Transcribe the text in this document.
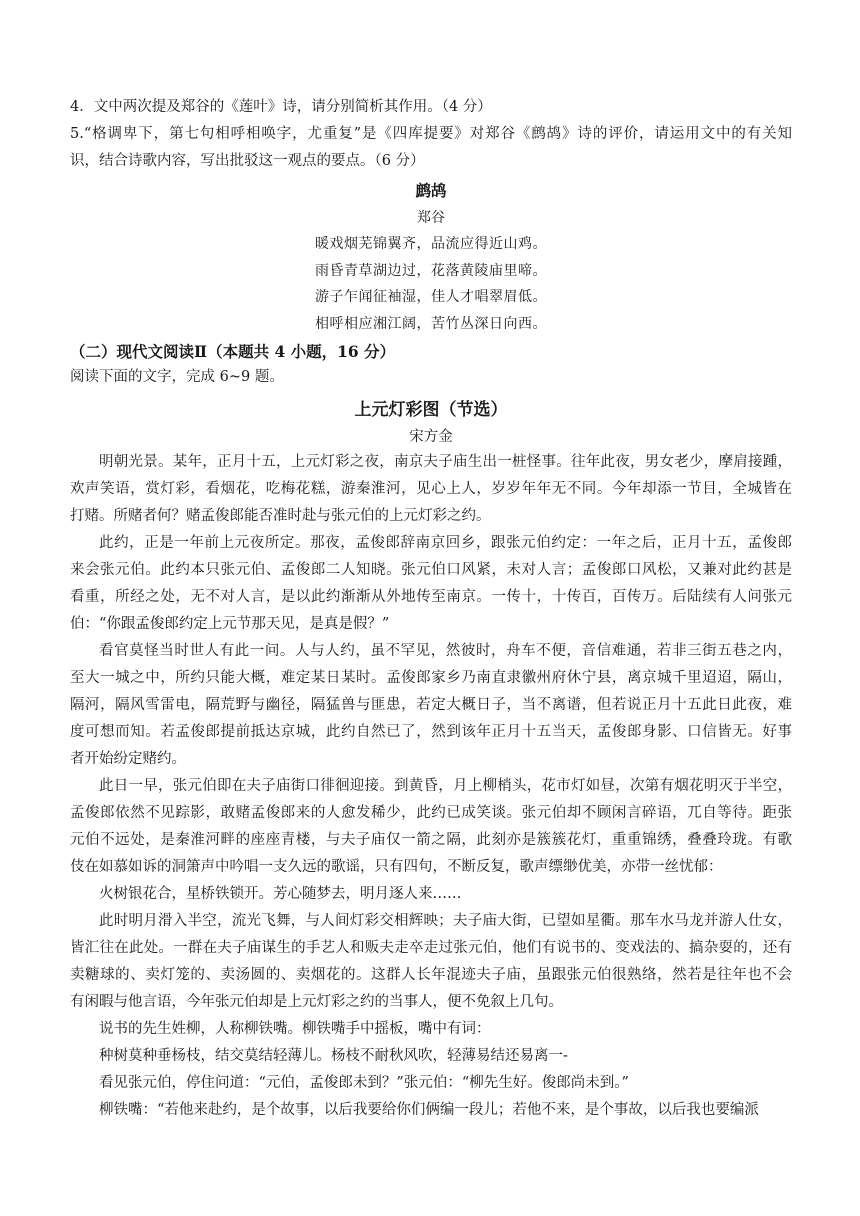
4．文中两次提及郑谷的《莲叶》诗，请分别简析其作用。（4 分）
5.“格调卑下，第七句相呼相唤字，尤重复”是《四库提要》对郑谷《鹧鸪》诗的评价，请运用文中的有关知
识，结合诗歌内容，写出批驳这一观点的要点。（6 分）
鹧鸪
郑谷
暖戏烟芜锦翼齐，品流应得近山鸡。
雨昏青草湖边过，花落黄陵庙里啼。
游子乍闻征袖湿，佳人才唱翠眉低。
相呼相应湘江阔，苦竹丛深日向西。
（二）现代文阅读Ⅱ（本题共 4 小题，16 分）
阅读下面的文字，完成 6~9 题。
上元灯彩图（节选）
宋方金
明朝光景。某年，正月十五，上元灯彩之夜，南京夫子庙生出一桩怪事。往年此夜，男女老少，摩肩接踵，
欢声笑语，赏灯彩，看烟花，吃梅花糕，游秦淮河，见心上人，岁岁年年无不同。今年却添一节目，全城皆在
打赌。所赌者何？赌孟俊郎能否准时赴与张元伯的上元灯彩之约。
此约，正是一年前上元夜所定。那夜，孟俊郎辞南京回乡，跟张元伯约定：一年之后，正月十五，孟俊郎
来会张元伯。此约本只张元伯、孟俊郎二人知晓。张元伯口风紧，未对人言；孟俊郎口风松，又兼对此约甚是
看重，所经之处，无不对人言，是以此约渐渐从外地传至南京。一传十，十传百，百传万。后陆续有人问张元
伯：“你跟孟俊郎约定上元节那天见，是真是假？”
看官莫怪当时世人有此一问。人与人约，虽不罕见，然彼时，舟车不便，音信难通，若非三街五巷之内，
至大一城之中，所约只能大概，难定某日某时。孟俊郎家乡乃南直隶徽州府休宁县，离京城千里迢迢，隔山，
隔河，隔风雪雷电，隔荒野与幽径，隔猛兽与匪患，若定大概日子，当不离谱，但若说正月十五此日此夜，难
度可想而知。若孟俊郎提前抵达京城，此约自然已了，然到该年正月十五当天，孟俊郎身影、口信皆无。好事
者开始纷定赌约。
此日一早，张元伯即在夫子庙街口徘徊迎接。到黄昏，月上柳梢头，花市灯如昼，次第有烟花明灭于半空，
孟俊郎依然不见踪影，敢赌孟俊郎来的人愈发稀少，此约已成笑谈。张元伯却不顾闲言碎语，兀自等待。距张
元伯不远处，是秦淮河畔的座座青楼，与夫子庙仅一箭之隔，此刻亦是簇簇花灯，重重锦绣，叠叠玲珑。有歌
伎在如慕如诉的洞箫声中吟唱一支久远的歌谣，只有四句，不断反复，歌声缥缈优美，亦带一丝忧郁：
火树银花合，星桥铁锁开。芳心随梦去，明月逐人来……
此时明月滑入半空，流光飞舞，与人间灯彩交相辉映；夫子庙大街，已望如星衢。那车水马龙并游人仕女，
皆汇往在此处。一群在夫子庙谋生的手艺人和贩夫走卒走过张元伯，他们有说书的、变戏法的、搞杂耍的，还有
卖糖球的、卖灯笼的、卖汤圆的、卖烟花的。这群人长年混迹夫子庙，虽跟张元伯很熟络，然若是往年也不会
有闲暇与他言语，今年张元伯却是上元灯彩之约的当事人，便不免叙上几句。
说书的先生姓柳，人称柳铁嘴。柳铁嘴手中摇板，嘴中有词：
种树莫种垂杨枝，结交莫结轻薄儿。杨枝不耐秋风吹，轻薄易结还易离一-
看见张元伯，停住问道：“元伯，孟俊郎未到？”张元伯：“柳先生好。俊郎尚未到。”
柳铁嘴：“若他来赴约，是个故事，以后我要给你们俩编一段儿；若他不来，是个事故，以后我也要编派
